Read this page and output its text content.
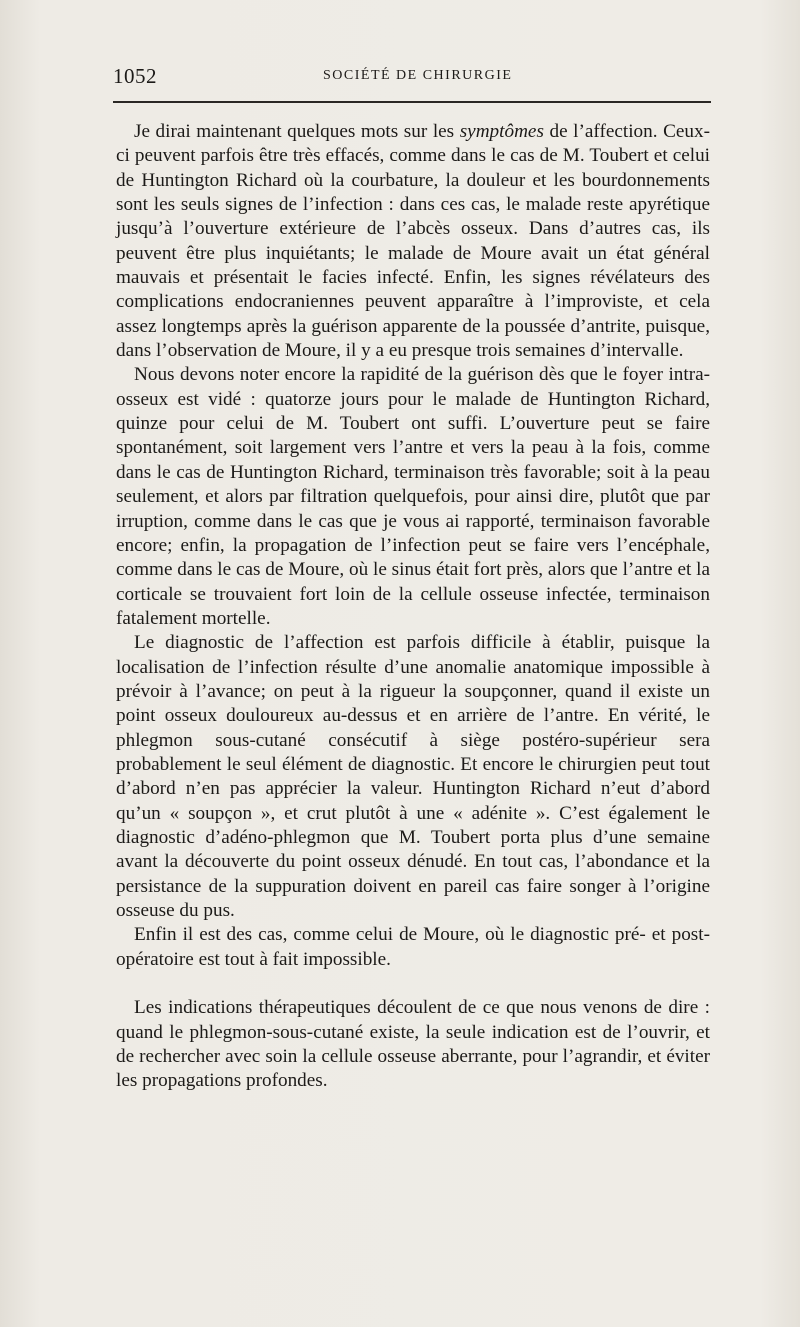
1052	SOCIÉTÉ DE CHIRURGIE

Je dirai maintenant quelques mots sur les symptômes de l’affection. Ceux-ci peuvent parfois être très effacés, comme dans le cas de M. Toubert et celui de Huntington Richard où la courbature, la douleur et les bourdonnements sont les seuls signes de l’infection : dans ces cas, le malade reste apyrétique jusqu’à l’ouverture extérieure de l’abcès osseux. Dans d’autres cas, ils peuvent être plus inquiétants; le malade de Moure avait un état général mauvais et présentait le facies infecté. Enfin, les signes révélateurs des complications endocraniennes peuvent apparaître à l’improviste, et cela assez longtemps après la guérison apparente de la poussée d’antrite, puisque, dans l’observation de Moure, il y a eu presque trois semaines d’intervalle.

Nous devons noter encore la rapidité de la guérison dès que le foyer intra-osseux est vidé : quatorze jours pour le malade de Huntington Richard, quinze pour celui de M. Toubert ont suffi. L’ouverture peut se faire spontanément, soit largement vers l’antre et vers la peau à la fois, comme dans le cas de Huntington Richard, terminaison très favorable; soit à la peau seulement, et alors par filtration quelquefois, pour ainsi dire, plutôt que par irruption, comme dans le cas que je vous ai rapporté, terminaison favorable encore; enfin, la propagation de l’infection peut se faire vers l’encéphale, comme dans le cas de Moure, où le sinus était fort près, alors que l’antre et la corticale se trouvaient fort loin de la cellule osseuse infectée, terminaison fatalement mortelle.

Le diagnostic de l’affection est parfois difficile à établir, puisque la localisation de l’infection résulte d’une anomalie anatomique impossible à prévoir à l’avance; on peut à la rigueur la soupçonner, quand il existe un point osseux douloureux au-dessus et en arrière de l’antre. En vérité, le phlegmon sous-cutané consécutif à siège postéro-supérieur sera probablement le seul élément de diagnostic. Et encore le chirurgien peut tout d’abord n’en pas apprécier la valeur. Huntington Richard n’eut d’abord qu’un « soupçon », et crut plutôt à une « adénite ». C’est également le diagnostic d’adéno-phlegmon que M. Toubert porta plus d’une semaine avant la découverte du point osseux dénudé. En tout cas, l’abondance et la persistance de la suppuration doivent en pareil cas faire songer à l’origine osseuse du pus.

Enfin il est des cas, comme celui de Moure, où le diagnostic pré- et post-opératoire est tout à fait impossible.

Les indications thérapeutiques découlent de ce que nous venons de dire : quand le phlegmon-sous-cutané existe, la seule indication est de l’ouvrir, et de rechercher avec soin la cellule osseuse aberrante, pour l’agrandir, et éviter les propagations profondes.
